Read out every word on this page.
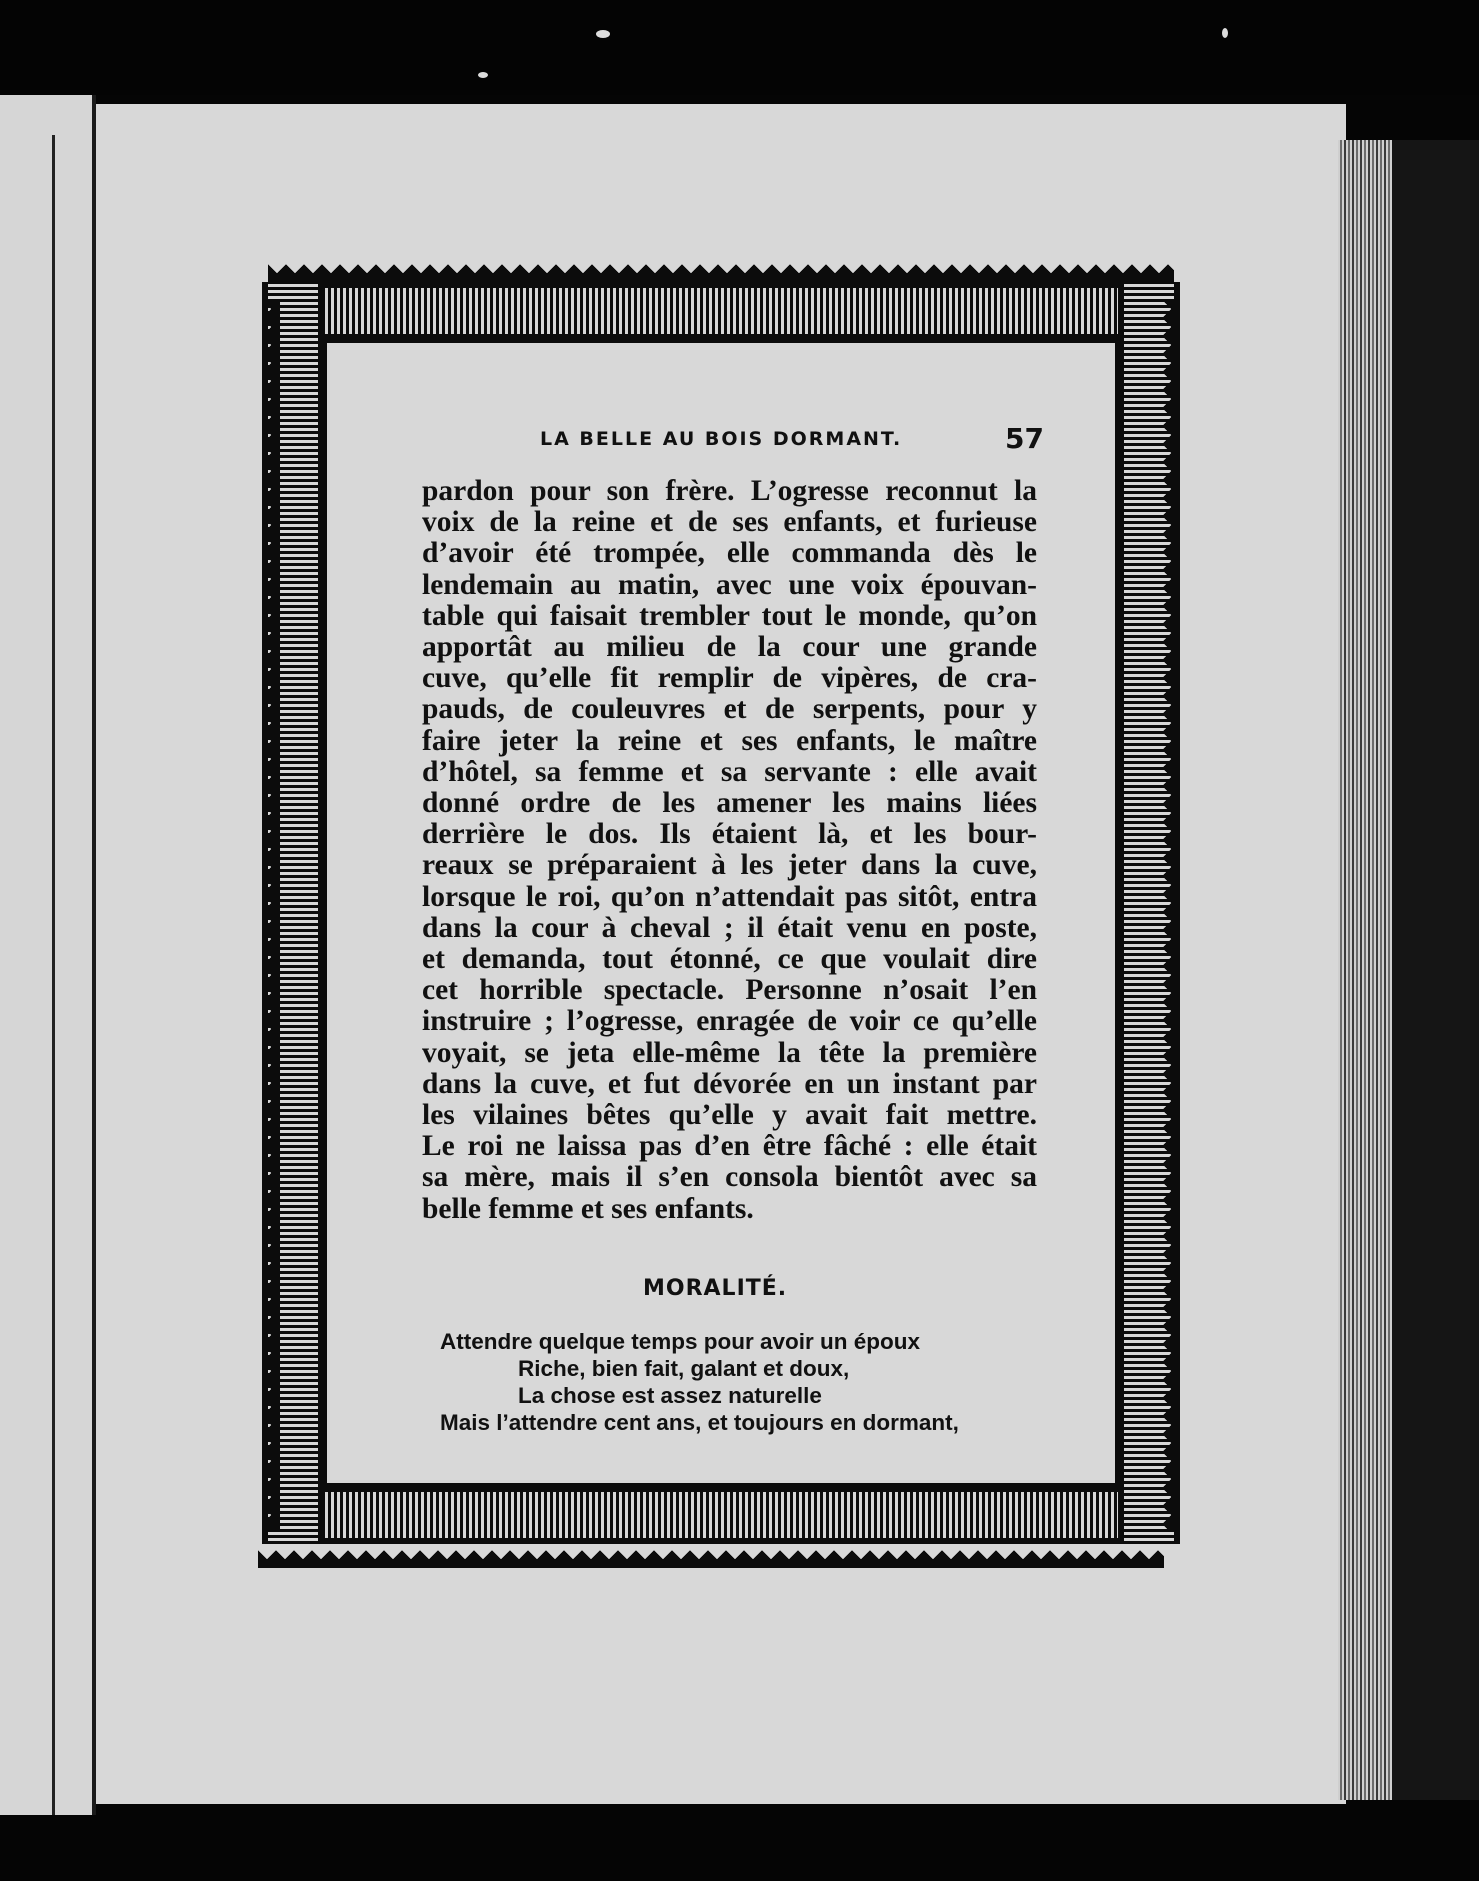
LA BELLE AU BOIS DORMANT.	57
pardon pour son frère. L’ogresse reconnut la
voix de la reine et de ses enfants, et furieuse
d’avoir été trompée, elle commanda dès le
lendemain au matin, avec une voix épouvan-
table qui faisait trembler tout le monde, qu’on
apportât au milieu de la cour une grande
cuve, qu’elle fit remplir de vipères, de cra-
pauds, de couleuvres et de serpents, pour y
faire jeter la reine et ses enfants, le maître
d’hôtel, sa femme et sa servante : elle avait
donné ordre de les amener les mains liées
derrière le dos. Ils étaient là, et les bour-
reaux se préparaient à les jeter dans la cuve,
lorsque le roi, qu’on n’attendait pas sitôt, entra
dans la cour à cheval ; il était venu en poste,
et demanda, tout étonné, ce que voulait dire
cet horrible spectacle. Personne n’osait l’en
instruire ; l’ogresse, enragée de voir ce qu’elle
voyait, se jeta elle-même la tête la première
dans la cuve, et fut dévorée en un instant par
les vilaines bêtes qu’elle y avait fait mettre.
Le roi ne laissa pas d’en être fâché : elle était
sa mère, mais il s’en consola bientôt avec sa
belle femme et ses enfants.
MORALITÉ.
Attendre quelque temps pour avoir un époux
Riche, bien fait, galant et doux,
La chose est assez naturelle
Mais l’attendre cent ans, et toujours en dormant,
